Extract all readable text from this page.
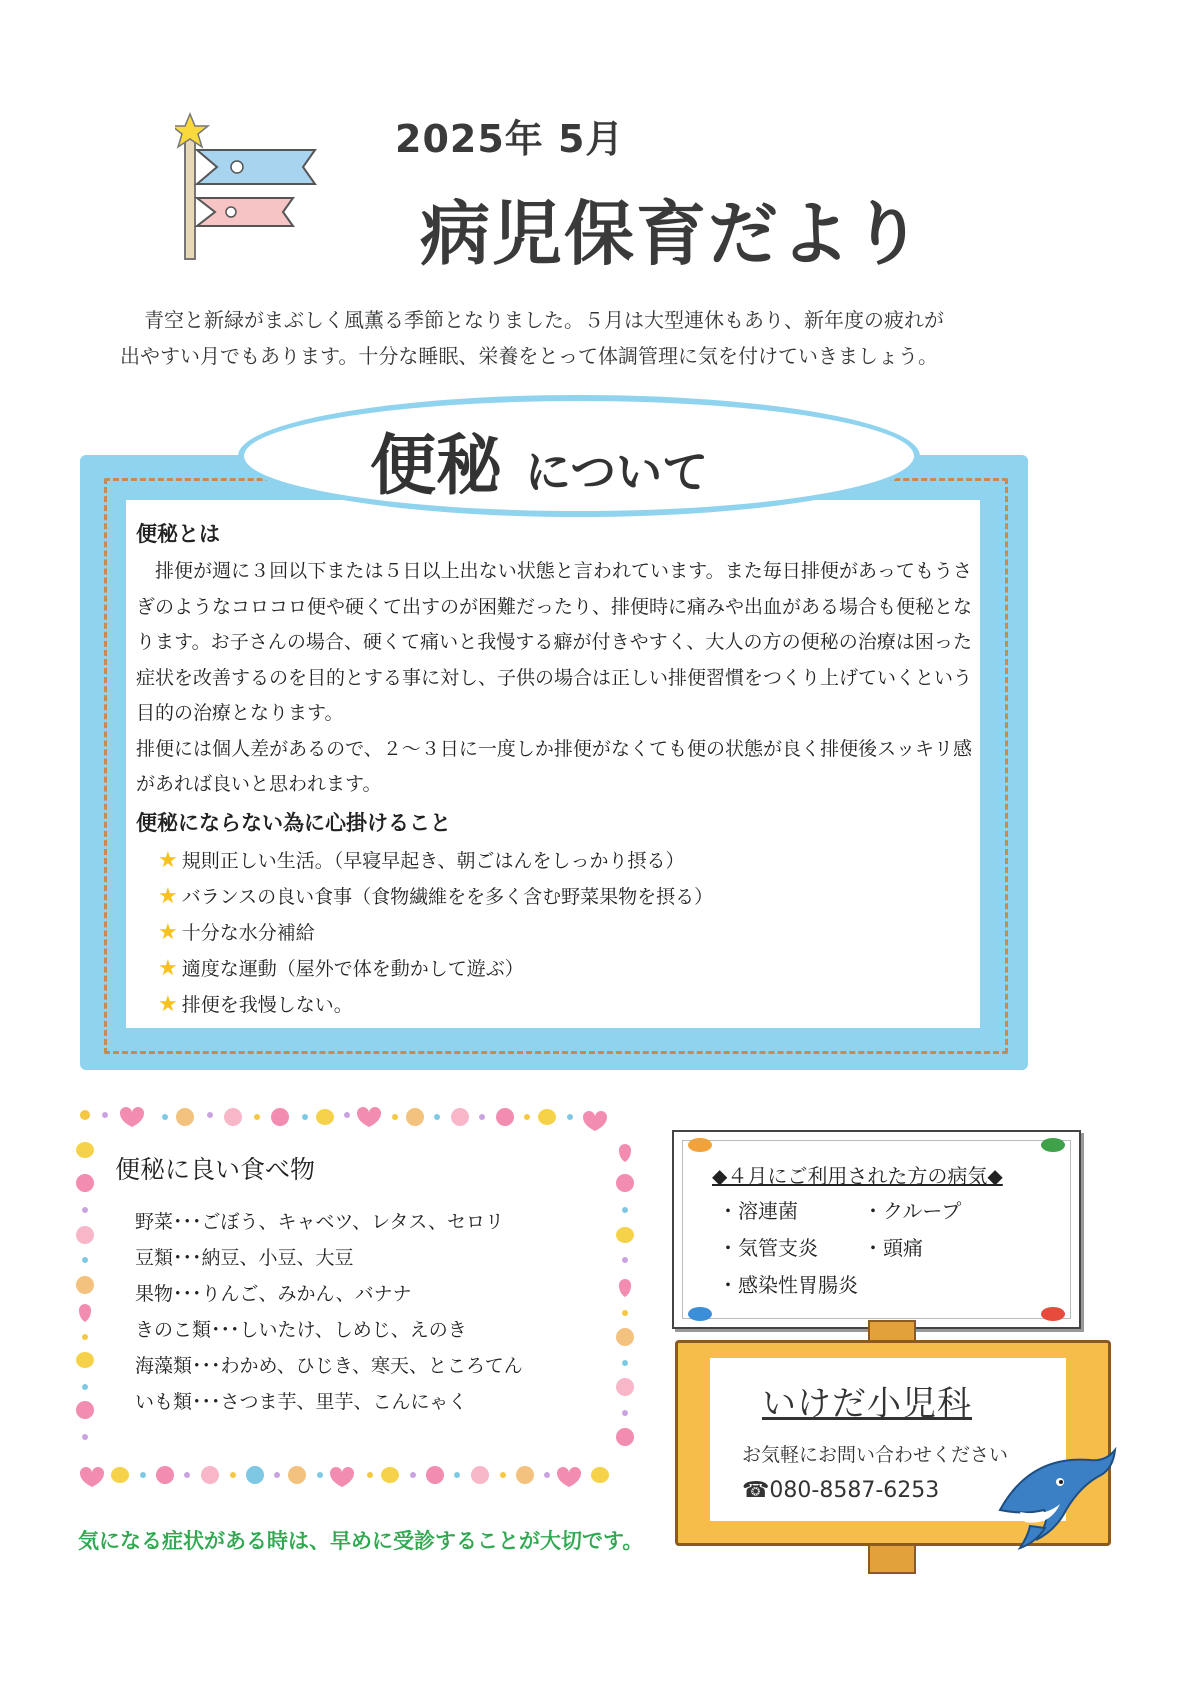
2025年 5月
病児保育だより

青空と新緑がまぶしく風薫る季節となりました。５月は大型連休もあり、新年度の疲れが

出やすい月でもあります。十分な睡眠、栄養をとって体調管理に気を付けていきましょう。

便秘 について

便秘とは

排便が週に３回以下または５日以上出ない状態と言われています。また毎日排便があってもうさぎのようなコロコロ便や硬くて出すのが困難だったり、排便時に痛みや出血がある場合も便秘となります。お子さんの場合、硬くて痛いと我慢する癖が付きやすく、大人の方の便秘の治療は困った症状を改善するのを目的とする事に対し、子供の場合は正しい排便習慣をつくり上げていくという目的の治療となります。

排便には個人差があるので、２〜３日に一度しか排便がなくても便の状態が良く排便後スッキリ感があれば良いと思われます。

便秘にならない為に心掛けること

★ 規則正しい生活。（早寝早起き、朝ごはんをしっかり摂る）
★ バランスの良い食事（食物繊維をを多く含む野菜果物を摂る）
★ 十分な水分補給
★ 適度な運動（屋外で体を動かして遊ぶ）
★ 排便を我慢しない。

便秘に良い食べ物

野菜･･･ごぼう、キャベツ、レタス、セロリ
豆類･･･納豆、小豆、大豆
果物･･･りんご、みかん、バナナ
きのこ類･･･しいたけ、しめじ、えのき
海藻類･･･わかめ、ひじき、寒天、ところてん
いも類･･･さつま芋、里芋、こんにゃく
気になる症状がある時は、早めに受診することが大切です。
◆４月にご利用された方の病気◆
・溶連菌	・クループ
・気管支炎 ・頭痛
・感染性胃腸炎
いけだ小児科
お気軽にお問い合わせください
☎080-8587-6253
